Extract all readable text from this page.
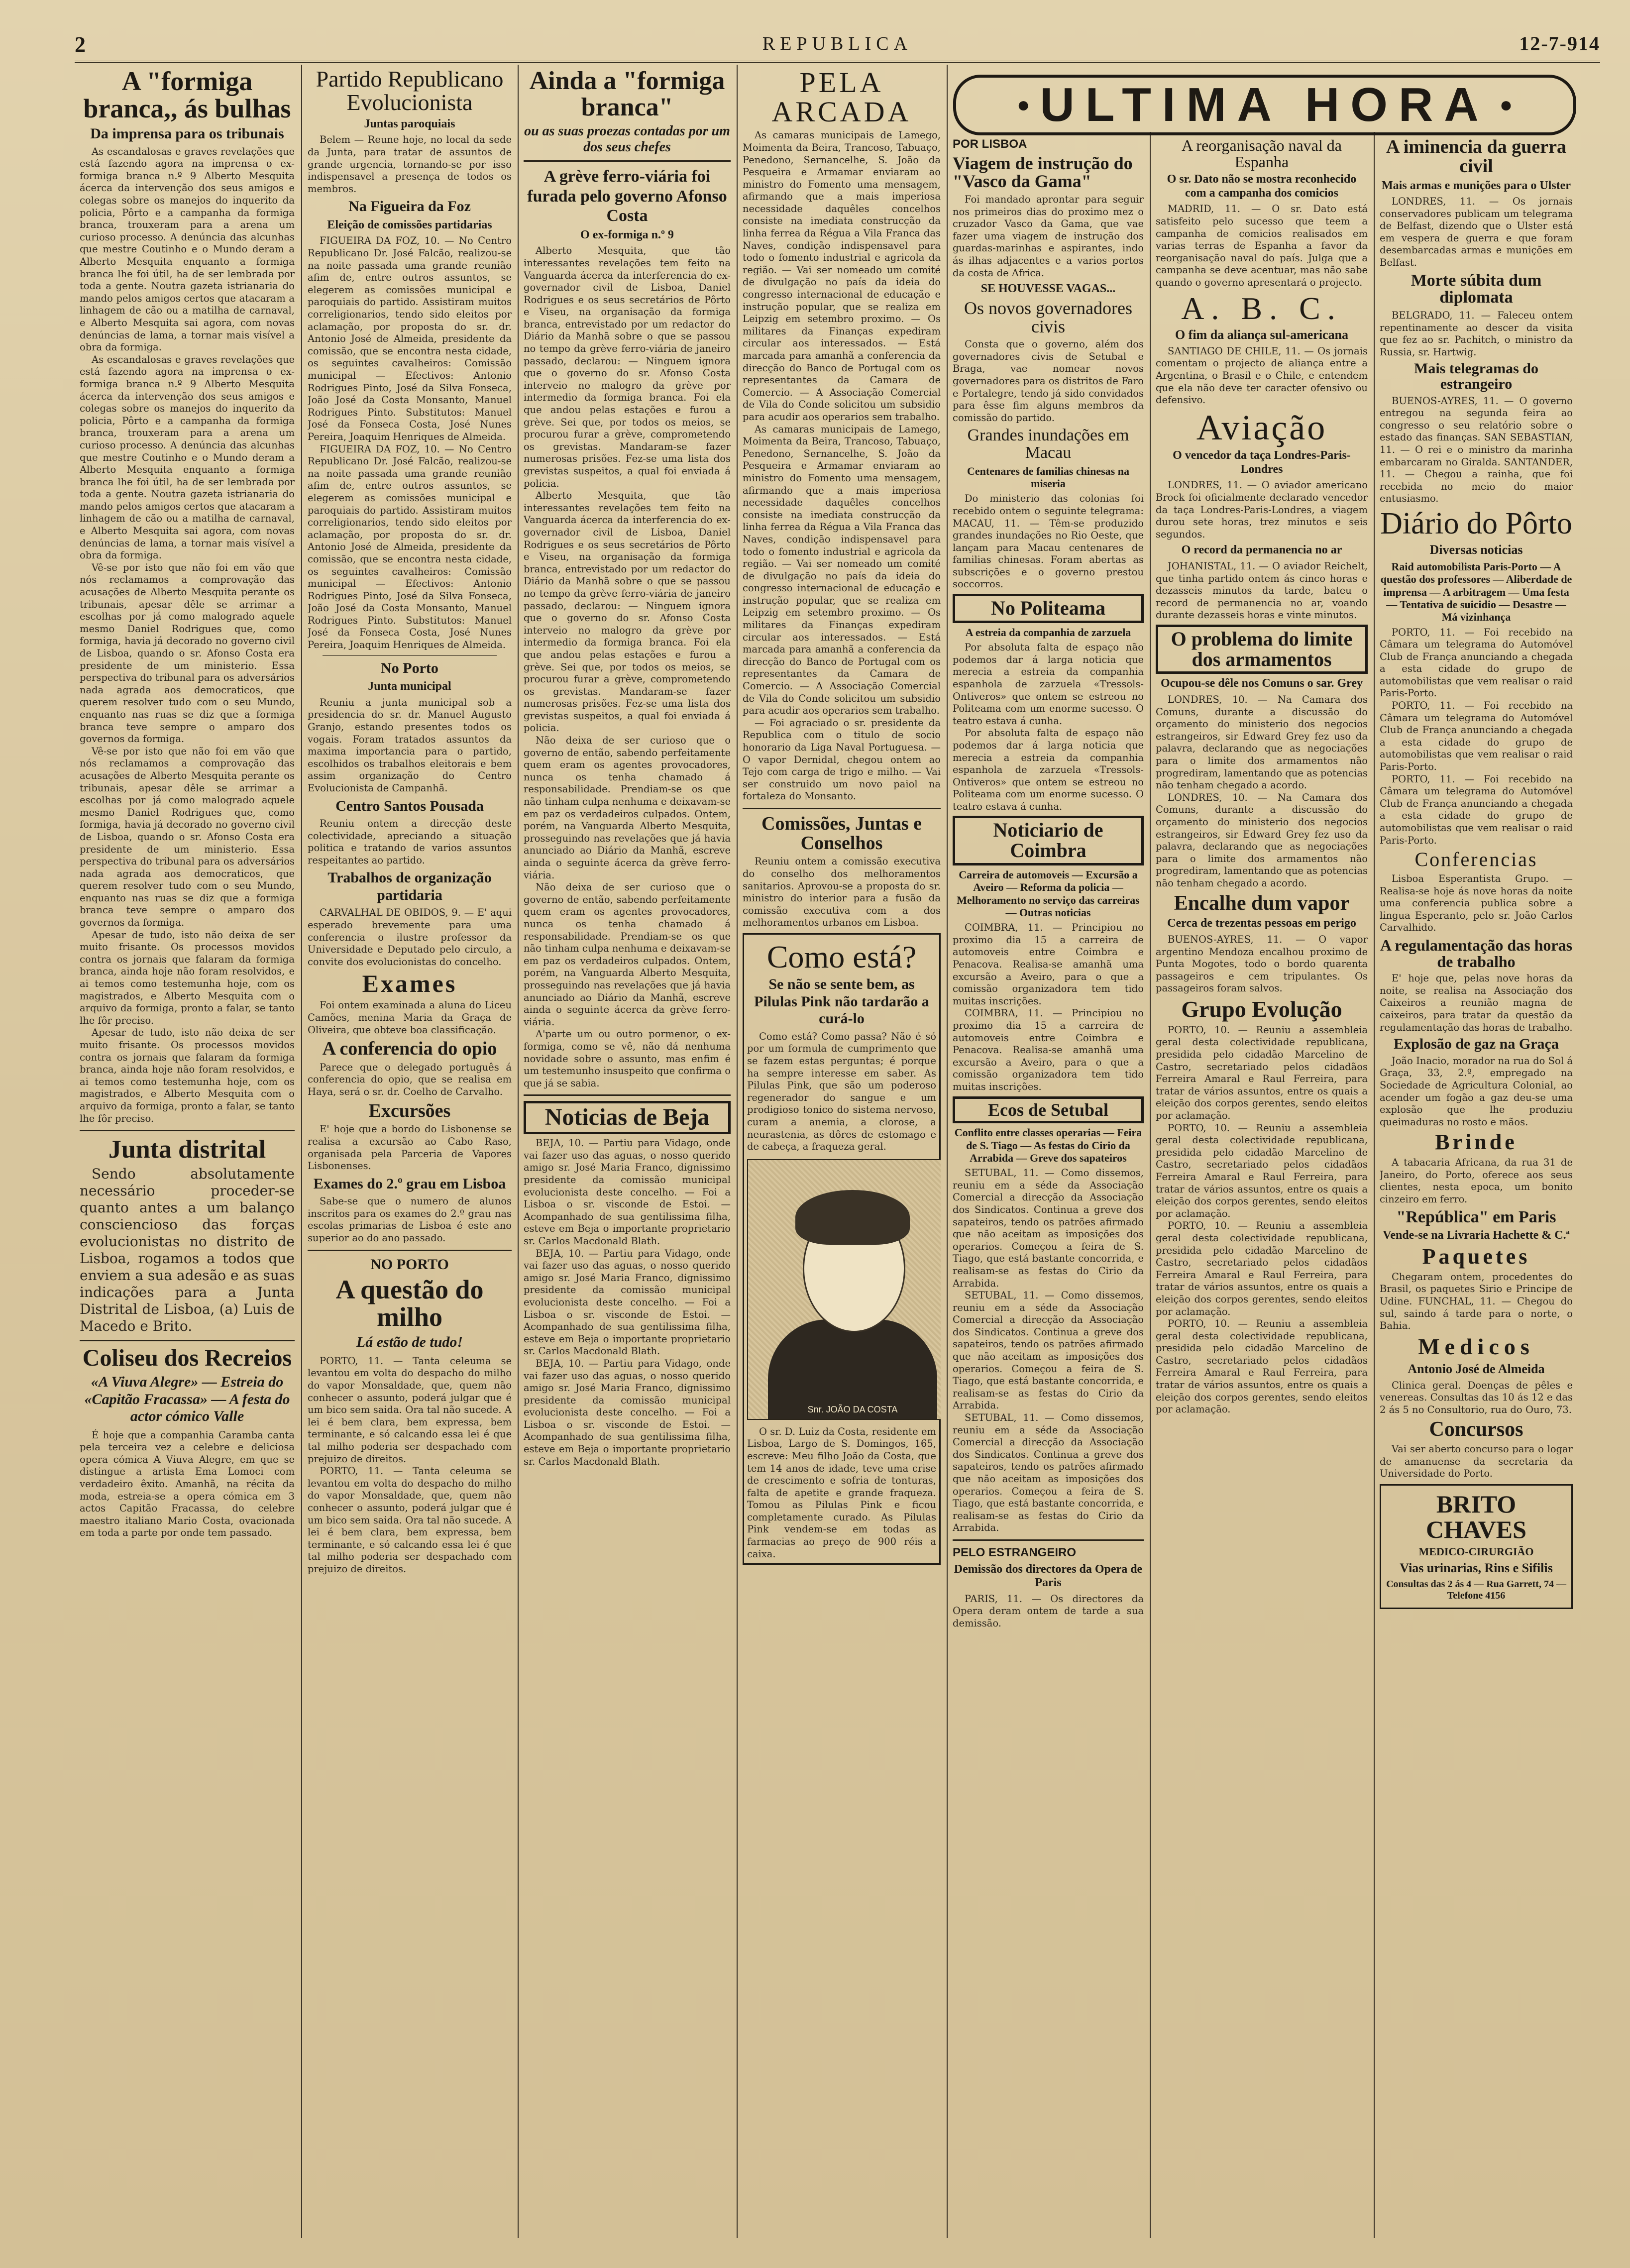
2	REPUBLICA	12-7-914
A "formiga branca,, ás bulhas
Da imprensa para os tribunais

As escandalosas e graves revelações que está fazendo agora na imprensa o ex-formiga branca n.º 9 Alberto Mesquita ácerca da intervenção dos seus amigos e colegas sobre os manejos do inquerito da policia, Pôrto e a campanha da formiga branca, trouxeram para a arena um curioso processo. A denúncia das alcunhas que mestre Coutinho e o Mundo deram a Alberto Mesquita enquanto a formiga branca lhe foi útil, ha de ser lembrada por toda a gente. Noutra gazeta istrianaria do mando pelos amigos certos que atacaram a linhagem de cão ou a matilha de carnaval, e Alberto Mesquita sai agora, com novas denúncias de lama, a tornar mais visível a obra da formiga.

As escandalosas e graves revelações que está fazendo agora na imprensa o ex-formiga branca n.º 9 Alberto Mesquita ácerca da intervenção dos seus amigos e colegas sobre os manejos do inquerito da policia, Pôrto e a campanha da formiga branca, trouxeram para a arena um curioso processo. A denúncia das alcunhas que mestre Coutinho e o Mundo deram a Alberto Mesquita enquanto a formiga branca lhe foi útil, ha de ser lembrada por toda a gente. Noutra gazeta istrianaria do mando pelos amigos certos que atacaram a linhagem de cão ou a matilha de carnaval, e Alberto Mesquita sai agora, com novas denúncias de lama, a tornar mais visível a obra da formiga.

Vê-se por isto que não foi em vão que nós reclamamos a comprovação das acusações de Alberto Mesquita perante os tribunais, apesar dêle se arrimar a escolhas por já como malogrado aquele mesmo Daniel Rodrigues que, como formiga, havia já decorado no governo civil de Lisboa, quando o sr. Afonso Costa era presidente de um ministerio. Essa perspectiva do tribunal para os adversários nada agrada aos democraticos, que querem resolver tudo com o seu Mundo, enquanto nas ruas se diz que a formiga branca teve sempre o amparo dos governos da formiga.

Vê-se por isto que não foi em vão que nós reclamamos a comprovação das acusações de Alberto Mesquita perante os tribunais, apesar dêle se arrimar a escolhas por já como malogrado aquele mesmo Daniel Rodrigues que, como formiga, havia já decorado no governo civil de Lisboa, quando o sr. Afonso Costa era presidente de um ministerio. Essa perspectiva do tribunal para os adversários nada agrada aos democraticos, que querem resolver tudo com o seu Mundo, enquanto nas ruas se diz que a formiga branca teve sempre o amparo dos governos da formiga.

Apesar de tudo, isto não deixa de ser muito frisante. Os processos movidos contra os jornais que falaram da formiga branca, ainda hoje não foram resolvidos, e ai temos como testemunha hoje, com os magistrados, e Alberto Mesquita com o arquivo da formiga, pronto a falar, se tanto lhe fôr preciso.

Apesar de tudo, isto não deixa de ser muito frisante. Os processos movidos contra os jornais que falaram da formiga branca, ainda hoje não foram resolvidos, e ai temos como testemunha hoje, com os magistrados, e Alberto Mesquita com o arquivo da formiga, pronto a falar, se tanto lhe fôr preciso.

Junta distrital

Sendo absolutamente necessário proceder-se quanto antes a um balanço consciencioso das forças evolucionistas no distrito de Lisboa, rogamos a todos que enviem a sua adesão e as suas indicações para a Junta Distrital de Lisboa, (a) Luis de Macedo e Brito.

Coliseu dos Recreios
«A Viuva Alegre» — Estreia do «Capitão Fracassa» — A festa do actor cómico Valle

É hoje que a companhia Caramba canta pela terceira vez a celebre e deliciosa opera cómica A Viuva Alegre, em que se distingue a artista Ema Lomoci com verdadeiro êxito. Amanhã, na récita da moda, estreia-se a opera cómica em 3 actos Capitão Fracassa, do celebre maestro italiano Mario Costa, ovacionada em toda a parte por onde tem passado.

Partido Republicano Evolucionista
Juntas paroquiais

Belem — Reune hoje, no local da sede da Junta, para tratar de assuntos de grande urgencia, tornando-se por isso indispensavel a presença de todos os membros.

Na Figueira da Foz
Eleição de comissões partidarias

FIGUEIRA DA FOZ, 10. — No Centro Republicano Dr. José Falcão, realizou-se na noite passada uma grande reunião afim de, entre outros assuntos, se elegerem as comissões municipal e paroquiais do partido. Assistiram muitos correligionarios, tendo sido eleitos por aclamação, por proposta do sr. dr. Antonio José de Almeida, presidente da comissão, que se encontra nesta cidade, os seguintes cavalheiros: Comissão municipal — Efectivos: Antonio Rodrigues Pinto, José da Silva Fonseca, João José da Costa Monsanto, Manuel Rodrigues Pinto. Substitutos: Manuel José da Fonseca Costa, José Nunes Pereira, Joaquim Henriques de Almeida.

FIGUEIRA DA FOZ, 10. — No Centro Republicano Dr. José Falcão, realizou-se na noite passada uma grande reunião afim de, entre outros assuntos, se elegerem as comissões municipal e paroquiais do partido. Assistiram muitos correligionarios, tendo sido eleitos por aclamação, por proposta do sr. dr. Antonio José de Almeida, presidente da comissão, que se encontra nesta cidade, os seguintes cavalheiros: Comissão municipal — Efectivos: Antonio Rodrigues Pinto, José da Silva Fonseca, João José da Costa Monsanto, Manuel Rodrigues Pinto. Substitutos: Manuel José da Fonseca Costa, José Nunes Pereira, Joaquim Henriques de Almeida.

No Porto
Junta municipal

Reuniu a junta municipal sob a presidencia do sr. dr. Manuel Augusto Granjo, estando presentes todos os vogais. Foram tratados assuntos da maxima importancia para o partido, escolhidos os trabalhos eleitorais e bem assim organização do Centro Evolucionista de Campanhã.

Centro Santos Pousada

Reuniu ontem a direcção deste colectividade, apreciando a situação politica e tratando de varios assuntos respeitantes ao partido.

Trabalhos de organização partidaria

CARVALHAL DE OBIDOS, 9. — E' aqui esperado brevemente para uma conferencia o ilustre professor da Universidade e Deputado pelo circulo, a convite dos evolucionistas do concelho.

Exames

Foi ontem examinada a aluna do Liceu Camões, menina Maria da Graça de Oliveira, que obteve boa classificação.

A conferencia do opio

Parece que o delegado português á conferencia do opio, que se realisa em Haya, será o sr. dr. Coelho de Carvalho.

Excursões

E' hoje que a bordo do Lisbonense se realisa a excursão ao Cabo Raso, organisada pela Parceria de Vapores Lisbonenses.

Exames do 2.º grau em Lisboa

Sabe-se que o numero de alunos inscritos para os exames do 2.º grau nas escolas primarias de Lisboa é este ano superior ao do ano passado.

NO PORTO
A questão do milho
Lá estão de tudo!

PORTO, 11. — Tanta celeuma se levantou em volta do despacho do milho do vapor Monsaldade, que, quem não conhecer o assunto, poderá julgar que é um bico sem saida. Ora tal não sucede. A lei é bem clara, bem expressa, bem terminante, e só calcando essa lei é que tal milho poderia ser despachado com prejuizo de direitos.

PORTO, 11. — Tanta celeuma se levantou em volta do despacho do milho do vapor Monsaldade, que, quem não conhecer o assunto, poderá julgar que é um bico sem saida. Ora tal não sucede. A lei é bem clara, bem expressa, bem terminante, e só calcando essa lei é que tal milho poderia ser despachado com prejuizo de direitos.

Ainda a "formiga branca"
ou as suas proezas contadas por um dos seus chefes
A grève ferro-viária foi furada pelo governo Afonso Costa
O ex-formiga n.º 9

Alberto Mesquita, que tão interessantes revelações tem feito na Vanguarda ácerca da interferencia do ex-governador civil de Lisboa, Daniel Rodrigues e os seus secretários de Pôrto e Viseu, na organisação da formiga branca, entrevistado por um redactor do Diário da Manhã sobre o que se passou no tempo da grève ferro-viária de janeiro passado, declarou: — Ninguem ignora que o governo do sr. Afonso Costa interveio no malogro da grève por intermedio da formiga branca. Foi ela que andou pelas estações e furou a grève. Sei que, por todos os meios, se procurou furar a grève, comprometendo os grevistas. Mandaram-se fazer numerosas prisões. Fez-se uma lista dos grevistas suspeitos, a qual foi enviada á policia.

Alberto Mesquita, que tão interessantes revelações tem feito na Vanguarda ácerca da interferencia do ex-governador civil de Lisboa, Daniel Rodrigues e os seus secretários de Pôrto e Viseu, na organisação da formiga branca, entrevistado por um redactor do Diário da Manhã sobre o que se passou no tempo da grève ferro-viária de janeiro passado, declarou: — Ninguem ignora que o governo do sr. Afonso Costa interveio no malogro da grève por intermedio da formiga branca. Foi ela que andou pelas estações e furou a grève. Sei que, por todos os meios, se procurou furar a grève, comprometendo os grevistas. Mandaram-se fazer numerosas prisões. Fez-se uma lista dos grevistas suspeitos, a qual foi enviada á policia.

Não deixa de ser curioso que o governo de então, sabendo perfeitamente quem eram os agentes provocadores, nunca os tenha chamado á responsabilidade. Prendiam-se os que não tinham culpa nenhuma e deixavam-se em paz os verdadeiros culpados. Ontem, porém, na Vanguarda Alberto Mesquita, prosseguindo nas revelações que já havia anunciado ao Diário da Manhã, escreve ainda o seguinte ácerca da grève ferro-viária.

Não deixa de ser curioso que o governo de então, sabendo perfeitamente quem eram os agentes provocadores, nunca os tenha chamado á responsabilidade. Prendiam-se os que não tinham culpa nenhuma e deixavam-se em paz os verdadeiros culpados. Ontem, porém, na Vanguarda Alberto Mesquita, prosseguindo nas revelações que já havia anunciado ao Diário da Manhã, escreve ainda o seguinte ácerca da grève ferro-viária.

A'parte um ou outro pormenor, o ex-formiga, como se vê, não dá nenhuma novidade sobre o assunto, mas enfim é um testemunho insuspeito que confirma o que já se sabia.

Noticias de Beja

BEJA, 10. — Partiu para Vidago, onde vai fazer uso das aguas, o nosso querido amigo sr. José Maria Franco, dignissimo presidente da comissão municipal evolucionista deste concelho. — Foi a Lisboa o sr. visconde de Estoi. — Acompanhado de sua gentilissima filha, esteve em Beja o importante proprietario sr. Carlos Macdonald Blath.

BEJA, 10. — Partiu para Vidago, onde vai fazer uso das aguas, o nosso querido amigo sr. José Maria Franco, dignissimo presidente da comissão municipal evolucionista deste concelho. — Foi a Lisboa o sr. visconde de Estoi. — Acompanhado de sua gentilissima filha, esteve em Beja o importante proprietario sr. Carlos Macdonald Blath.

BEJA, 10. — Partiu para Vidago, onde vai fazer uso das aguas, o nosso querido amigo sr. José Maria Franco, dignissimo presidente da comissão municipal evolucionista deste concelho. — Foi a Lisboa o sr. visconde de Estoi. — Acompanhado de sua gentilissima filha, esteve em Beja o importante proprietario sr. Carlos Macdonald Blath.

PELA ARCADA

As camaras municipais de Lamego, Moimenta da Beira, Trancoso, Tabuaço, Penedono, Sernancelhe, S. João da Pesqueira e Armamar enviaram ao ministro do Fomento uma mensagem, afirmando que a mais imperiosa necessidade daquêles concelhos consiste na imediata construcção da linha ferrea da Régua a Vila Franca das Naves, condição indispensavel para todo o fomento industrial e agricola da região. — Vai ser nomeado um comité de divulgação no país da ideia do congresso internacional de educação e instrução popular, que se realiza em Leipzig em setembro proximo. — Os militares da Finanças expediram circular aos interessados. — Está marcada para amanhã a conferencia da direcção do Banco de Portugal com os representantes da Camara de Comercio. — A Associação Comercial de Vila do Conde solicitou um subsidio para acudir aos operarios sem trabalho.

As camaras municipais de Lamego, Moimenta da Beira, Trancoso, Tabuaço, Penedono, Sernancelhe, S. João da Pesqueira e Armamar enviaram ao ministro do Fomento uma mensagem, afirmando que a mais imperiosa necessidade daquêles concelhos consiste na imediata construcção da linha ferrea da Régua a Vila Franca das Naves, condição indispensavel para todo o fomento industrial e agricola da região. — Vai ser nomeado um comité de divulgação no país da ideia do congresso internacional de educação e instrução popular, que se realiza em Leipzig em setembro proximo. — Os militares da Finanças expediram circular aos interessados. — Está marcada para amanhã a conferencia da direcção do Banco de Portugal com os representantes da Camara de Comercio. — A Associação Comercial de Vila do Conde solicitou um subsidio para acudir aos operarios sem trabalho.

— Foi agraciado o sr. presidente da Republica com o titulo de socio honorario da Liga Naval Portuguesa. — O vapor Dernidal, chegou ontem ao Tejo com carga de trigo e milho. — Vai ser construido um novo paiol na fortaleza do Monsanto.

Comissões, Juntas e Conselhos

Reuniu ontem a comissão executiva do conselho dos melhoramentos sanitarios. Aprovou-se a proposta do sr. ministro do interior para a fusão da comissão executiva com a dos melhoramentos urbanos em Lisboa.

Como está?
Se não se sente bem, as Pilulas Pink não tardarão a curá-lo

Como está? Como passa? Não é só por um formula de cumprimento que se fazem estas perguntas; é porque ha sempre interesse em saber. As Pilulas Pink, que são um poderoso regenerador do sangue e um prodigioso tonico do sistema nervoso, curam a anemia, a clorose, a neurastenia, as dôres de estomago e de cabeça, a fraqueza geral.

Snr. JOÃO DA COSTA

O sr. D. Luiz da Costa, residente em Lisboa, Largo de S. Domingos, 165, escreve: Meu filho João da Costa, que tem 14 anos de idade, teve uma crise de crescimento e sofria de tonturas, falta de apetite e grande fraqueza. Tomou as Pilulas Pink e ficou completamente curado. As Pilulas Pink vendem-se em todas as farmacias ao preço de 900 réis a caixa.

● ULTIMA HORA ●
POR LISBOA
Viagem de instrução do "Vasco da Gama"

Foi mandado aprontar para seguir nos primeiros dias do proximo mez o cruzador Vasco da Gama, que vae fazer uma viagem de instrução dos guardas-marinhas e aspirantes, indo ás ilhas adjacentes e a varios portos da costa de Africa.

SE HOUVESSE VAGAS...
Os novos governadores civis

Consta que o governo, além dos governadores civis de Setubal e Braga, vae nomear novos governadores para os distritos de Faro e Portalegre, tendo já sido convidados para êsse fim alguns membros da comissão do partido.

Grandes inundações em Macau
Centenares de familias chinesas na miseria

Do ministerio das colonias foi recebido ontem o seguinte telegrama: MACAU, 11. — Têm-se produzido grandes inundações no Rio Oeste, que lançam para Macau centenares de familias chinesas. Foram abertas as subscrições e o governo prestou soccorros.

No Politeama
A estreia da companhia de zarzuela

Por absoluta falta de espaço não podemos dar á larga noticia que merecia a estreia da companhia espanhola de zarzuela «Tressols-Ontiveros» que ontem se estreou no Politeama com um enorme sucesso. O teatro estava á cunha.

Por absoluta falta de espaço não podemos dar á larga noticia que merecia a estreia da companhia espanhola de zarzuela «Tressols-Ontiveros» que ontem se estreou no Politeama com um enorme sucesso. O teatro estava á cunha.

Noticiario de Coimbra
Carreira de automoveis — Excursão a Aveiro — Reforma da policia — Melhoramento no serviço das carreiras — Outras noticias

COIMBRA, 11. — Principiou no proximo dia 15 a carreira de automoveis entre Coimbra e Penacova. Realisa-se amanhã uma excursão a Aveiro, para o que a comissão organizadora tem tido muitas inscrições.

COIMBRA, 11. — Principiou no proximo dia 15 a carreira de automoveis entre Coimbra e Penacova. Realisa-se amanhã uma excursão a Aveiro, para o que a comissão organizadora tem tido muitas inscrições.

Ecos de Setubal
Conflito entre classes operarias — Feira de S. Tiago — As festas do Cirio da Arrabida — Greve dos sapateiros

SETUBAL, 11. — Como dissemos, reuniu em a séde da Associação Comercial a direcção da Associação dos Sindicatos. Continua a greve dos sapateiros, tendo os patrões afirmado que não aceitam as imposições dos operarios. Começou a feira de S. Tiago, que está bastante concorrida, e realisam-se as festas do Cirio da Arrabida.

SETUBAL, 11. — Como dissemos, reuniu em a séde da Associação Comercial a direcção da Associação dos Sindicatos. Continua a greve dos sapateiros, tendo os patrões afirmado que não aceitam as imposições dos operarios. Começou a feira de S. Tiago, que está bastante concorrida, e realisam-se as festas do Cirio da Arrabida.

SETUBAL, 11. — Como dissemos, reuniu em a séde da Associação Comercial a direcção da Associação dos Sindicatos. Continua a greve dos sapateiros, tendo os patrões afirmado que não aceitam as imposições dos operarios. Começou a feira de S. Tiago, que está bastante concorrida, e realisam-se as festas do Cirio da Arrabida.

PELO ESTRANGEIRO
Demissão dos directores da Opera de Paris

PARIS, 11. — Os directores da Opera deram ontem de tarde a sua demissão.

A reorganisação naval da Espanha
O sr. Dato não se mostra reconhecido com a campanha dos comicios

MADRID, 11. — O sr. Dato está satisfeito pelo sucesso que teem a campanha de comicios realisados em varias terras de Espanha a favor da reorganisação naval do país. Julga que a campanha se deve acentuar, mas não sabe quando o governo apresentará o projecto.

A. B. C.
O fim da aliança sul-americana

SANTIAGO DE CHILE, 11. — Os jornais comentam o projecto de aliança entre a Argentina, o Brasil e o Chile, e entendem que ela não deve ter caracter ofensivo ou defensivo.

Aviação
O vencedor da taça Londres-Paris-Londres

LONDRES, 11. — O aviador americano Brock foi oficialmente declarado vencedor da taça Londres-Paris-Londres, a viagem durou sete horas, trez minutos e seis segundos.

O record da permanencia no ar

JOHANISTAL, 11. — O aviador Reichelt, que tinha partido ontem ás cinco horas e dezasseis minutos da tarde, bateu o record de permanencia no ar, voando durante dezasseis horas e vinte minutos.

O problema do limite dos armamentos
Ocupou-se dêle nos Comuns o sar. Grey

LONDRES, 10. — Na Camara dos Comuns, durante a discussão do orçamento do ministerio dos negocios estrangeiros, sir Edward Grey fez uso da palavra, declarando que as negociações para o limite dos armamentos não progrediram, lamentando que as potencias não tenham chegado a acordo.

LONDRES, 10. — Na Camara dos Comuns, durante a discussão do orçamento do ministerio dos negocios estrangeiros, sir Edward Grey fez uso da palavra, declarando que as negociações para o limite dos armamentos não progrediram, lamentando que as potencias não tenham chegado a acordo.

Encalhe dum vapor
Cerca de trezentas pessoas em perigo

BUENOS-AYRES, 11. — O vapor argentino Mendoza encalhou proximo de Punta Mogotes, todo o bordo quarenta passageiros e cem tripulantes. Os passageiros foram salvos.

Grupo Evolução

PORTO, 10. — Reuniu a assembleia geral desta colectividade republicana, presidida pelo cidadão Marcelino de Castro, secretariado pelos cidadãos Ferreira Amaral e Raul Ferreira, para tratar de vários assuntos, entre os quais a eleição dos corpos gerentes, sendo eleitos por aclamação.

PORTO, 10. — Reuniu a assembleia geral desta colectividade republicana, presidida pelo cidadão Marcelino de Castro, secretariado pelos cidadãos Ferreira Amaral e Raul Ferreira, para tratar de vários assuntos, entre os quais a eleição dos corpos gerentes, sendo eleitos por aclamação.

PORTO, 10. — Reuniu a assembleia geral desta colectividade republicana, presidida pelo cidadão Marcelino de Castro, secretariado pelos cidadãos Ferreira Amaral e Raul Ferreira, para tratar de vários assuntos, entre os quais a eleição dos corpos gerentes, sendo eleitos por aclamação.

PORTO, 10. — Reuniu a assembleia geral desta colectividade republicana, presidida pelo cidadão Marcelino de Castro, secretariado pelos cidadãos Ferreira Amaral e Raul Ferreira, para tratar de vários assuntos, entre os quais a eleição dos corpos gerentes, sendo eleitos por aclamação.

A iminencia da guerra civil
Mais armas e munições para o Ulster

LONDRES, 11. — Os jornais conservadores publicam um telegrama de Belfast, dizendo que o Ulster está em vespera de guerra e que foram desembarcadas armas e munições em Belfast.

Morte súbita dum diplomata

BELGRADO, 11. — Faleceu ontem repentinamente ao descer da visita que fez ao sr. Pachitch, o ministro da Russia, sr. Hartwig.

Mais telegramas do estrangeiro

BUENOS-AYRES, 11. — O governo entregou na segunda feira ao congresso o seu relatório sobre o estado das finanças. SAN SEBASTIAN, 11. — O rei e o ministro da marinha embarcaram no Giralda. SANTANDER, 11. — Chegou a rainha, que foi recebida no meio do maior entusiasmo.

Diário do Pôrto
Diversas noticias
Raid automobilista Paris-Porto — A questão dos professores — Aliberdade de imprensa — A arbitragem — Uma festa — Tentativa de suicidio — Desastre — Má vizinhança

PORTO, 11. — Foi recebido na Câmara um telegrama do Automóvel Club de França anunciando a chegada a esta cidade do grupo de automobilistas que vem realisar o raid Paris-Porto.

PORTO, 11. — Foi recebido na Câmara um telegrama do Automóvel Club de França anunciando a chegada a esta cidade do grupo de automobilistas que vem realisar o raid Paris-Porto.

PORTO, 11. — Foi recebido na Câmara um telegrama do Automóvel Club de França anunciando a chegada a esta cidade do grupo de automobilistas que vem realisar o raid Paris-Porto.

Conferencias

Lisboa Esperantista Grupo. — Realisa-se hoje ás nove horas da noite uma conferencia publica sobre a lingua Esperanto, pelo sr. João Carlos Carvalhido.

A regulamentação das horas de trabalho

E' hoje que, pelas nove horas da noite, se realisa na Associação dos Caixeiros a reunião magna de caixeiros, para tratar da questão da regulamentação das horas de trabalho.

Explosão de gaz na Graça

João Inacio, morador na rua do Sol á Graça, 33, 2.º, empregado na Sociedade de Agricultura Colonial, ao acender um fogão a gaz deu-se uma explosão que lhe produziu queimaduras no rosto e mãos.

Brinde

A tabacaria Africana, da rua 31 de Janeiro, do Porto, oferece aos seus clientes, nesta epoca, um bonito cinzeiro em ferro.

"República" em Paris
Vende-se na Livraria Hachette & C.ª
Paquetes

Chegaram ontem, procedentes do Brasil, os paquetes Sirio e Principe de Udine. FUNCHAL, 11. — Chegou do sul, saindo á tarde para o norte, o Bahia.

Medicos
Antonio José de Almeida

Clinica geral. Doenças de pêles e venereas. Consultas das 10 ás 12 e das 2 ás 5 no Consultorio, rua do Ouro, 73.

Concursos

Vai ser aberto concurso para o logar de amanuense da secretaria da Universidade do Porto.

BRITO CHAVES
MEDICO-CIRURGIÃO
Vias urinarias, Rins e Sifilis
Consultas das 2 ás 4 — Rua Garrett, 74 — Telefone 4156
